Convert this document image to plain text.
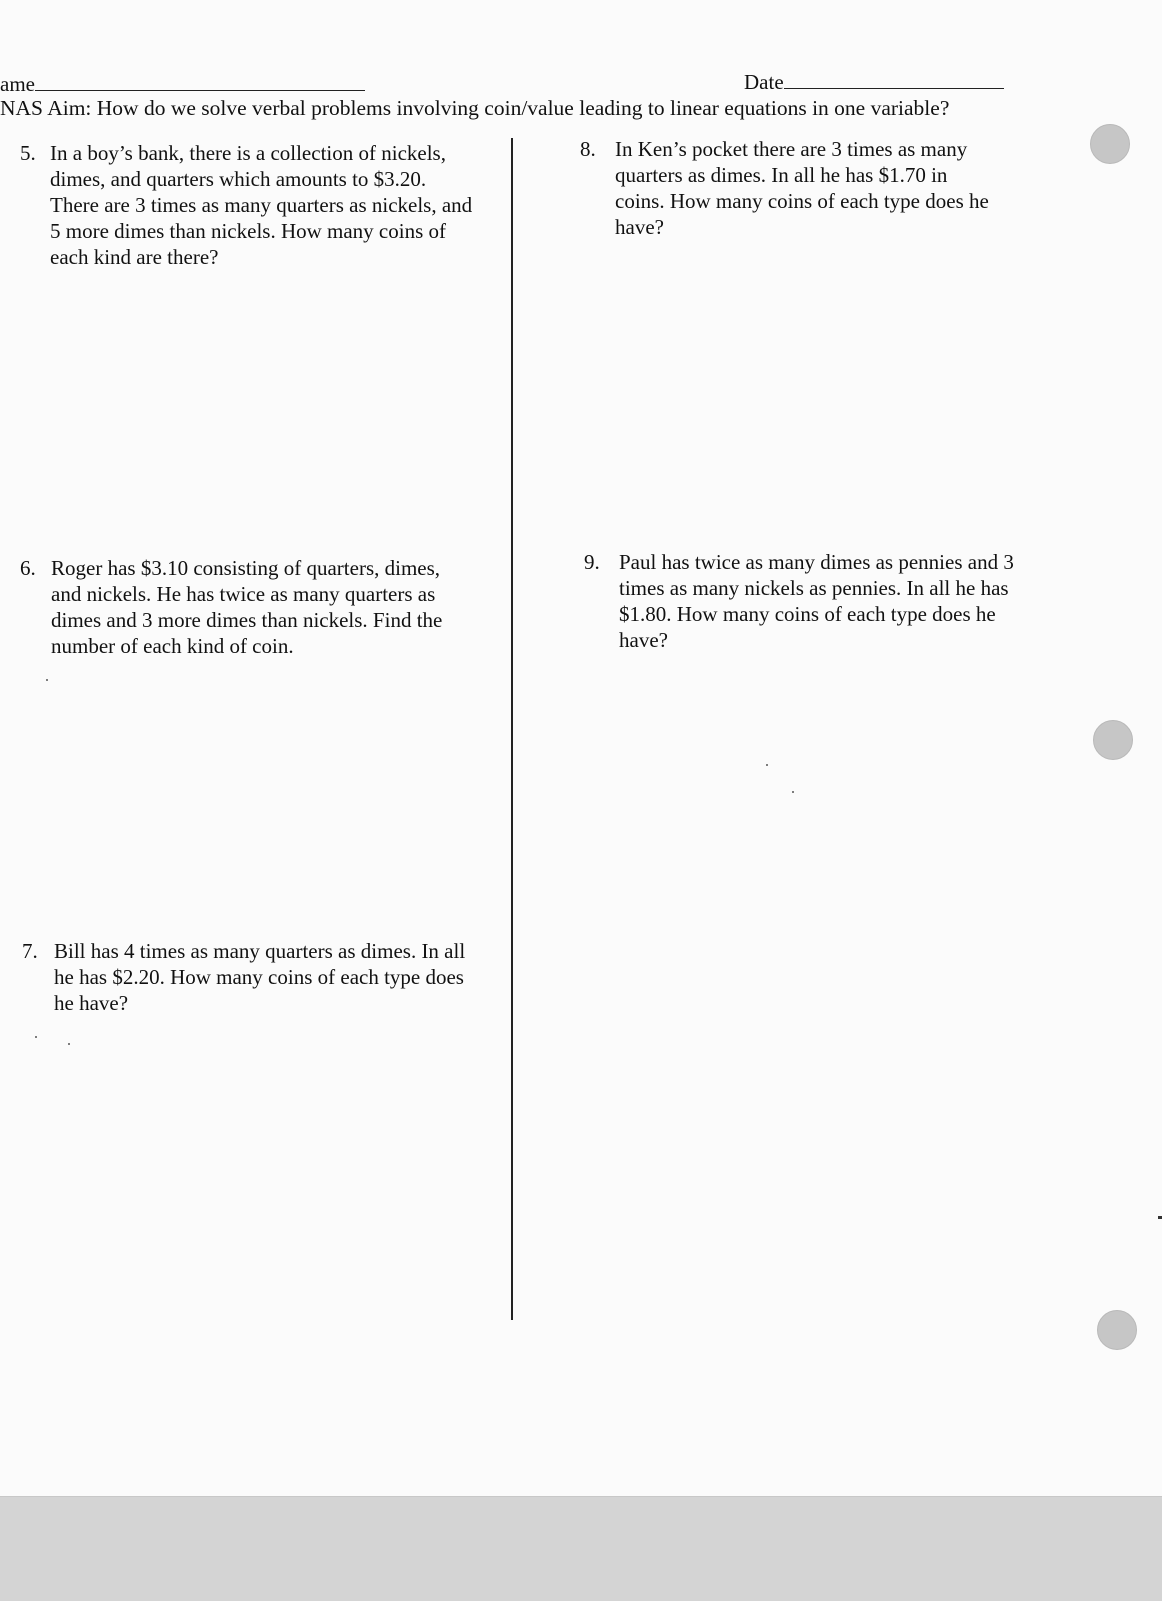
ame	Date
NAS Aim: How do we solve verbal problems involving coin/value leading to linear equations in one variable?
5. In a boy’s bank, there is a collection of nickels, dimes, and quarters which amounts to $3.20. There are 3 times as many quarters as nickels, and 5 more dimes than nickels. How many coins of each kind are there?
6. Roger has $3.10 consisting of quarters, dimes, and nickels. He has twice as many quarters as dimes and 3 more dimes than nickels. Find the number of each kind of coin.
7. Bill has 4 times as many quarters as dimes. In all he has $2.20. How many coins of each type does he have?
8. In Ken’s pocket there are 3 times as many quarters as dimes. In all he has $1.70 in coins. How many coins of each type does he have?
9. Paul has twice as many dimes as pennies and 3 times as many nickels as pennies. In all he has $1.80. How many coins of each type does he have?
